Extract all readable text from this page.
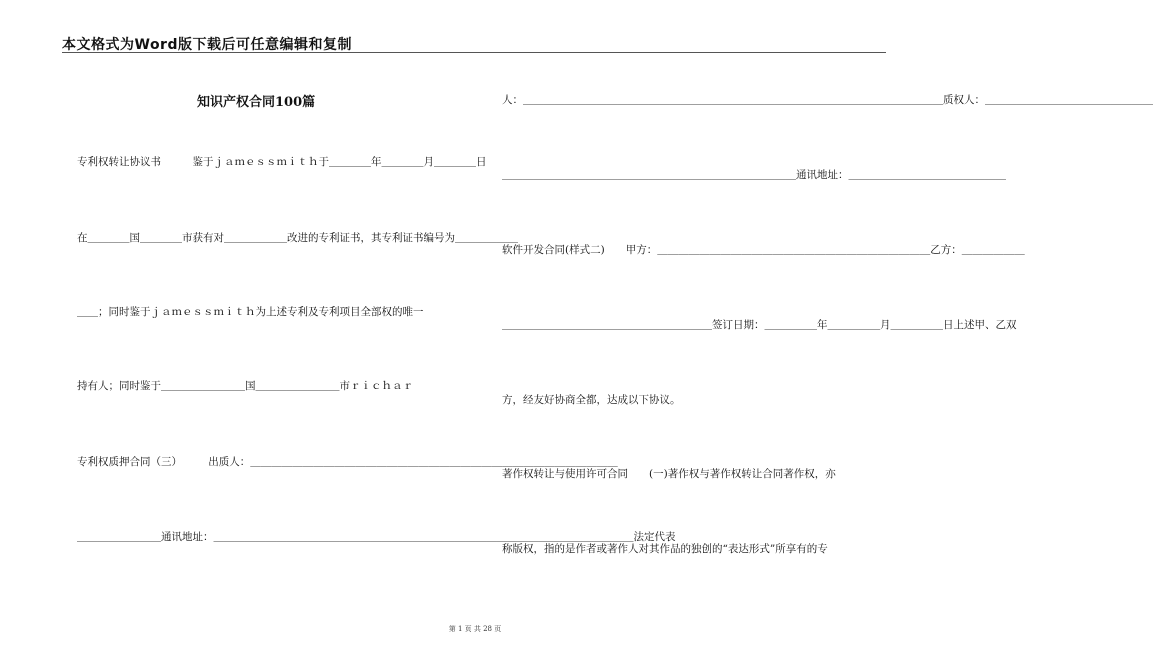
本文格式为Word版下载后可任意编辑和复制
知识产权合同100篇
专利权转让协议书　　　鉴于ｊａｍｅｓｓｍｉｔｈ于＿＿＿＿年＿＿＿＿月＿＿＿＿日
在＿＿＿＿国＿＿＿＿市获有对＿＿＿＿＿＿改进的专利证书，其专利证书编号为＿＿＿＿＿＿
＿＿；同时鉴于ｊａｍｅｓｓｍｉｔｈ为上述专利及专利项目全部权的唯一
持有人；同时鉴于＿＿＿＿＿＿＿＿国＿＿＿＿＿＿＿＿市ｒｉｃｈａｒ
专利权质押合同（三）　　　出质人：＿＿＿＿＿＿＿＿＿＿＿＿＿＿＿＿＿＿＿＿＿＿＿＿＿＿＿＿＿＿＿＿＿＿＿
＿＿＿＿＿＿＿＿通讯地址：＿＿＿＿＿＿＿＿＿＿＿＿＿＿＿＿＿＿＿＿＿＿＿＿＿＿＿＿＿＿＿＿＿＿＿＿＿＿＿＿法定代表
人：＿＿＿＿＿＿＿＿＿＿＿＿＿＿＿＿＿＿＿＿＿＿＿＿＿＿＿＿＿＿＿＿＿＿＿＿＿＿＿＿质权人：＿＿＿＿＿＿＿＿＿＿＿＿＿＿＿＿
＿＿＿＿＿＿＿＿＿＿＿＿＿＿＿＿＿＿＿＿＿＿＿＿＿＿＿＿通讯地址：＿＿＿＿＿＿＿＿＿＿＿＿＿＿＿
软件开发合同(样式二)　　甲方：＿＿＿＿＿＿＿＿＿＿＿＿＿＿＿＿＿＿＿＿＿＿＿＿＿＿乙方：＿＿＿＿＿＿
＿＿＿＿＿＿＿＿＿＿＿＿＿＿＿＿＿＿＿＿签订日期：＿＿＿＿＿年＿＿＿＿＿月＿＿＿＿＿日上述甲、乙双
方，经友好协商全都，达成以下协议。
著作权转让与使用许可合同　　(一)著作权与著作权转让合同著作权，亦
称版权，指的是作者或著作人对其作品的独创的“表达形式”所享有的专
第 1 页 共 28 页
